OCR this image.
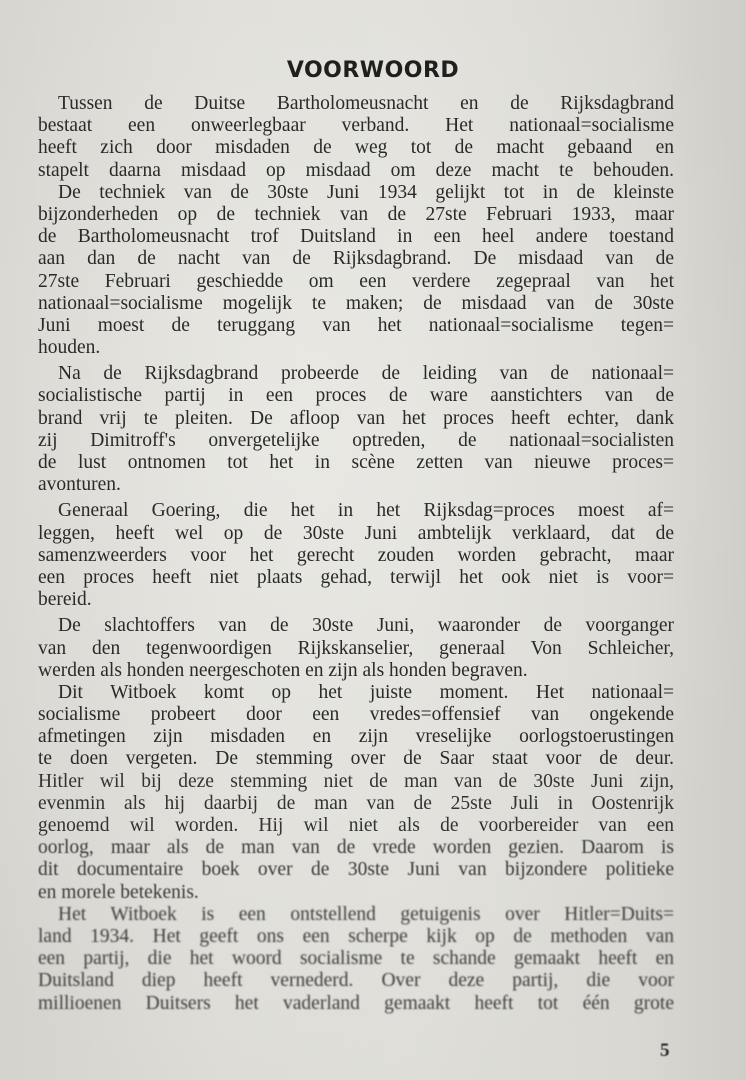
VOORWOORD
Tussen de Duitse Bartholomeusnacht en de Rijksdagbrand
bestaat een onweerlegbaar verband. Het nationaal=socialisme
heeft zich door misdaden de weg tot de macht gebaand en
stapelt daarna misdaad op misdaad om deze macht te behouden.
De techniek van de 30ste Juni 1934 gelijkt tot in de kleinste
bijzonderheden op de techniek van de 27ste Februari 1933, maar
de Bartholomeusnacht trof Duitsland in een heel andere toestand
aan dan de nacht van de Rijksdagbrand. De misdaad van de
27ste Februari geschiedde om een verdere zegepraal van het
nationaal=socialisme mogelijk te maken; de misdaad van de 30ste
Juni moest de teruggang van het nationaal=socialisme tegen=
houden.
Na de Rijksdagbrand probeerde de leiding van de nationaal=
socialistische partij in een proces de ware aanstichters van de
brand vrij te pleiten. De afloop van het proces heeft echter, dank
zij Dimitroff's onvergetelijke optreden, de nationaal=socialisten
de lust ontnomen tot het in scène zetten van nieuwe proces=
avonturen.
Generaal Goering, die het in het Rijksdag=proces moest af=
leggen, heeft wel op de 30ste Juni ambtelijk verklaard, dat de
samenzweerders voor het gerecht zouden worden gebracht, maar
een proces heeft niet plaats gehad, terwijl het ook niet is voor=
bereid.
De slachtoffers van de 30ste Juni, waaronder de voorganger
van den tegenwoordigen Rijkskanselier, generaal Von Schleicher,
werden als honden neergeschoten en zijn als honden begraven.
Dit Witboek komt op het juiste moment. Het nationaal=
socialisme probeert door een vredes=offensief van ongekende
afmetingen zijn misdaden en zijn vreselijke oorlogstoerustingen
te doen vergeten. De stemming over de Saar staat voor de deur.
Hitler wil bij deze stemming niet de man van de 30ste Juni zijn,
evenmin als hij daarbij de man van de 25ste Juli in Oostenrijk
genoemd wil worden. Hij wil niet als de voorbereider van een
oorlog, maar als de man van de vrede worden gezien. Daarom is
dit documentaire boek over de 30ste Juni van bijzondere politieke
en morele betekenis.
Het Witboek is een ontstellend getuigenis over Hitler=Duits=
land 1934. Het geeft ons een scherpe kijk op de methoden van
een partij, die het woord socialisme te schande gemaakt heeft en
Duitsland diep heeft vernederd. Over deze partij, die voor
millioenen Duitsers het vaderland gemaakt heeft tot één grote
5
